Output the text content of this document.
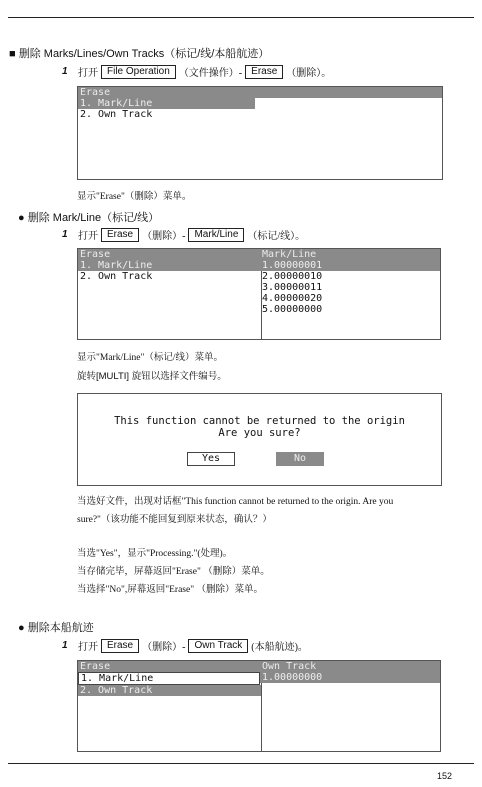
■ 删除 Marks/Lines/Own Tracks（标记/线/本船航迹）
1	打开 File Operation （文件操作）- Erase （删除）。
Erase
1. Mark/Line
2. Own Track
显示"Erase"（删除）菜单。
● 删除 Mark/Line（标记/线）
1	打开 Erase （删除）- Mark/Line （标记/线）。
Erase
1. Mark/Line
2. Own Track
Mark/Line
1.00000001
2.00000010
3.00000011
4.00000020
5.00000000
显示"Mark/Line"（标记/线）菜单。
旋转[MULTI] 旋钮以选择文件编号。
This function cannot be returned to the origin
Are you sure?
Yes	No
当选好文件，出现对话框"This function cannot be returned to the origin. Are you
sure?"（该功能不能回复到原来状态，确认？）
当选"Yes"，显示"Processing."(处理)。
当存储完毕，屏幕返回"Erase" （删除）菜单。
当选择"No",屏幕返回"Erase" （删除）菜单。
● 删除本船航迹
1	打开 Erase （删除）- Own Track (本船航迹)。
Erase
1. Mark/Line
2. Own Track
Own Track
1.00000000
152
